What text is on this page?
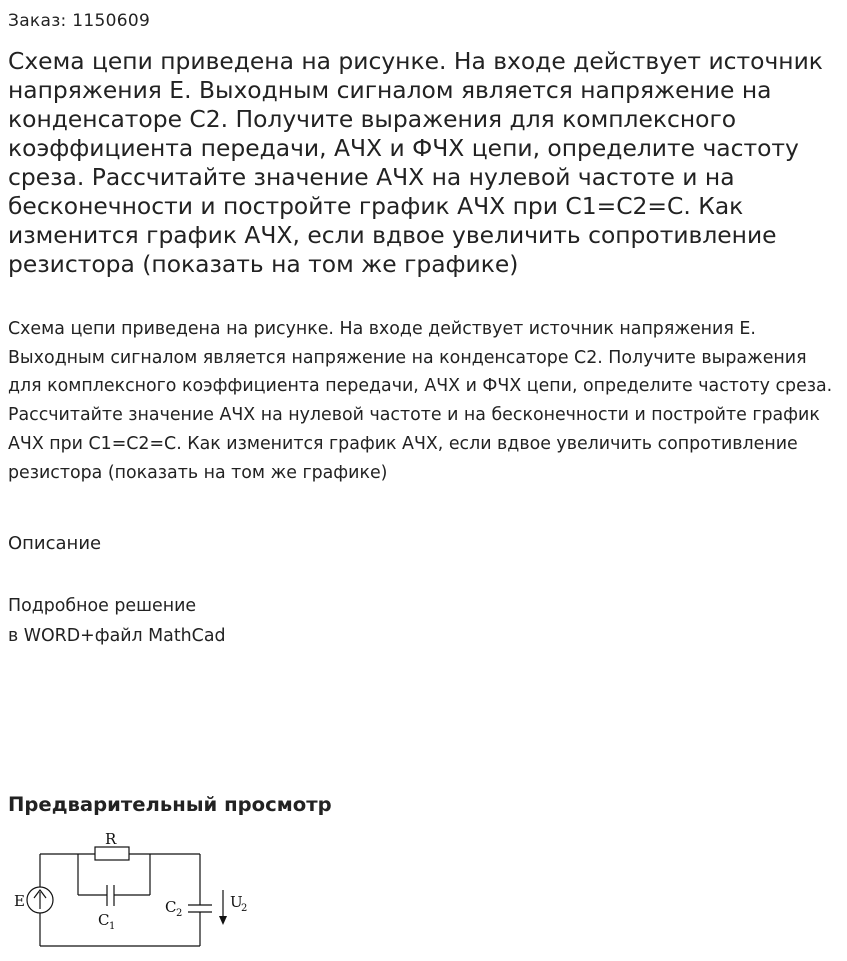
Заказ: 1150609
Схема цепи приведена на рисунке. На входе действует источник напряжения E. Выходным сигналом является напряжение на конденсаторе C2. Получите выражения для комплексного коэффициента передачи, АЧХ и ФЧХ цепи, определите частоту среза. Рассчитайте значение АЧХ на нулевой частоте и на бесконечности и постройте график АЧХ при C1=C2=C. Как изменится график АЧХ, если вдвое увеличить сопротивление резистора (показать на том же графике)

Схема цепи приведена на рисунке. На входе действует источник напряжения E. Выходным сигналом является напряжение на конденсаторе C2. Получите выражения для комплексного коэффициента передачи, АЧХ и ФЧХ цепи, определите частоту среза. Рассчитайте значение АЧХ на нулевой частоте и на бесконечности и постройте график АЧХ при C1=C2=C. Как изменится график АЧХ, если вдвое увеличить сопротивление резистора (показать на том же графике)

Описание
Подробное решение
в WORD+файл MathCad
Предварительный просмотр
E
R
C 1
C 2
U
2
